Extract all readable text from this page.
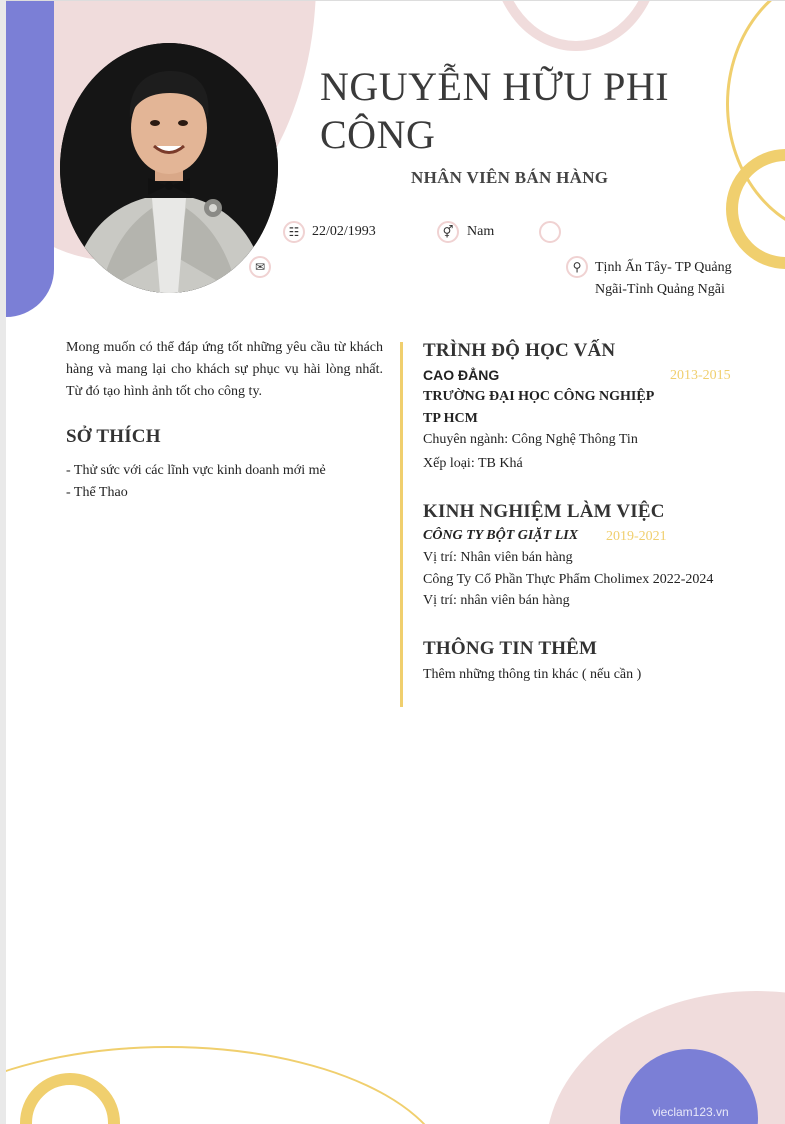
vieclam123.vn
NGUYỄN HỮU PHI CÔNG
NHÂN VIÊN BÁN HÀNG
☷ 22/02/1993	⚥ Nam
✉	⚲ Tịnh Ấn Tây- TP Quảng
Ngãi-Tỉnh Quảng Ngãi
Mong muốn có thể đáp ứng tốt những yêu cầu từ khách hàng và mang lại cho khách sự phục vụ hài lòng nhất. Từ đó tạo hình ảnh tốt cho công ty.
SỞ THÍCH
- Thử sức với các lĩnh vực kinh doanh mới mẻ
- Thể Thao
TRÌNH ĐỘ HỌC VẤN
CAO ĐẲNG	2013-2015
TRƯỜNG ĐẠI HỌC CÔNG NGHIỆP
TP HCM
Chuyên ngành: Công Nghệ Thông Tin
Xếp loại: TB Khá
KINH NGHIỆM LÀM VIỆC
CÔNG TY BỘT GIẶT LIX 2019-2021
Vị trí: Nhân viên bán hàng
Công Ty Cổ Phần Thực Phẩm Cholimex 2022-2024
Vị trí: nhân viên bán hàng
THÔNG TIN THÊM
Thêm những thông tin khác ( nếu cần )
